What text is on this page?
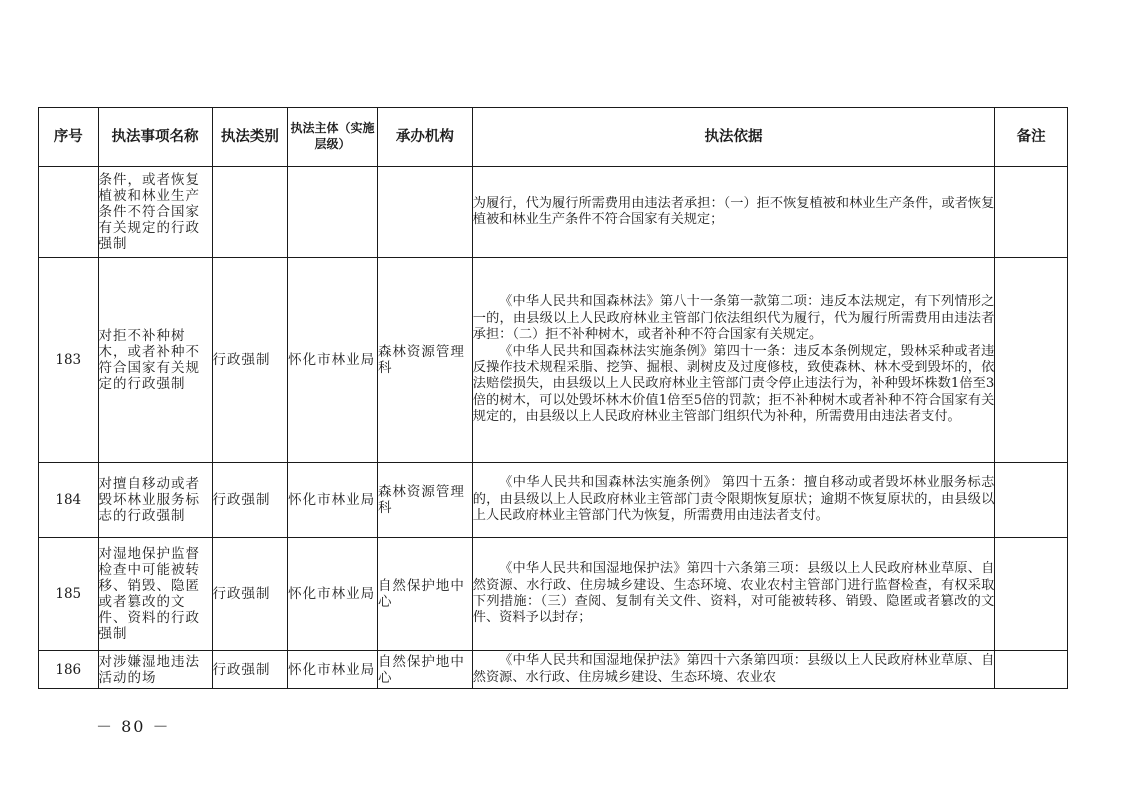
序号	执法事项名称	执法类别	执法主体（实施层级）	承办机构	执法依据	备注
	条件，或者恢复植被和林业生产条件不符合国家有关规定的行政强制				为履行，代为履行所需费用由违法者承担：（一）拒不恢复植被和林业生产条件，或者恢复植被和林业生产条件不符合国家有关规定；	

183	对拒不补种树木，或者补种不符合国家有关规定的行政强制	行政强制	怀化市林业局	森林资源管理科	《中华人民共和国森林法》第八十一条第一款第二项：违反本法规定，有下列情形之一的，由县级以上人民政府林业主管部门依法组织代为履行，代为履行所需费用由违法者承担：（二）拒不补种树木，或者补种不符合国家有关规定。

《中华人民共和国森林法实施条例》第四十一条：违反本条例规定，毁林采种或者违反操作技术规程采脂、挖笋、掘根、剥树皮及过度修枝，致使森林、林木受到毁坏的，依法赔偿损失，由县级以上人民政府林业主管部门责令停止违法行为，补种毁坏株数1倍至3倍的树木，可以处毁坏林木价值1倍至5倍的罚款；拒不补种树木或者补种不符合国家有关规定的，由县级以上人民政府林业主管部门组织代为补种，所需费用由违法者支付。	

184	对擅自移动或者毁坏林业服务标志的行政强制	行政强制	怀化市林业局	森林资源管理科	《中华人民共和国森林法实施条例》 第四十五条：擅自移动或者毁坏林业服务标志的，由县级以上人民政府林业主管部门责令限期恢复原状；逾期不恢复原状的，由县级以上人民政府林业主管部门代为恢复，所需费用由违法者支付。	

185	对湿地保护监督检查中可能被转移、销毁、隐匿或者篡改的文件、资料的行政强制	行政强制	怀化市林业局	自然保护地中心	《中华人民共和国湿地保护法》第四十六条第三项：县级以上人民政府林业草原、自然资源、水行政、住房城乡建设、生态环境、农业农村主管部门进行监督检查，有权采取下列措施：（三）查阅、复制有关文件、资料，对可能被转移、销毁、隐匿或者篡改的文件、资料予以封存；	

186	对涉嫌湿地违法活动的场	行政强制	怀化市林业局	自然保护地中心	《中华人民共和国湿地保护法》第四十六条第四项：县级以上人民政府林业草原、自然资源、水行政、住房城乡建设、生态环境、农业农	

－ 80 －
